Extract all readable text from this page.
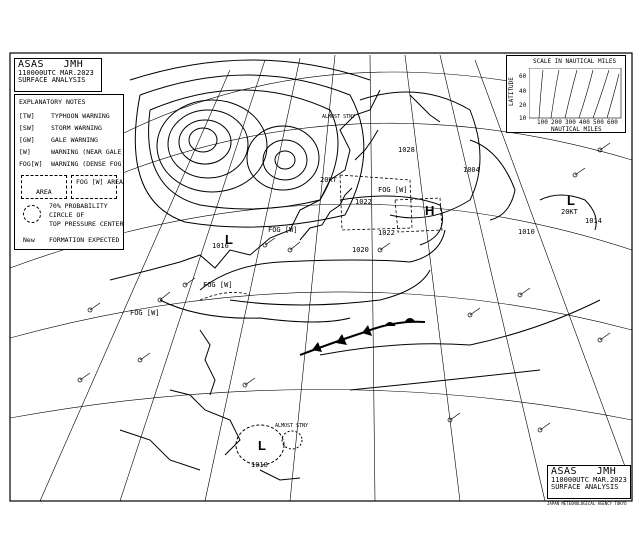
L
H
L
L
1010
1028
1022
1022
1020
1014
1010
1004
1016
FOG [W]
FOG [W]
FOG [W]
FOG [W]
20KT
20KT
ALMOST STNY
ALMOST STNY
ASAS JMH
110000UTC MAR.2023
SURFACE ANALYSIS
EXPLANATORY NOTES
[TW]	TYPHOON WARNING
[SW]	STORM WARNING
[GW]	GALE WARNING
[W]	WARNING (NEAR GALE)
FOG[W] WARNING (DENSE FOG)
AREA
FOG [W] AREA
70% PROBABILITY
CIRCLE OF
TOP PRESSURE CENTER
New FORMATION EXPECTED
SCALE IN NAUTICAL MILES
LATITUDE
60
40
20
10
100 200 300 400 500 600
NAUTICAL MILES
ASAS JMH
110000UTC MAR.2023
SURFACE ANALYSIS
JAPAN METEOROLOGICAL AGENCY TOKYO
